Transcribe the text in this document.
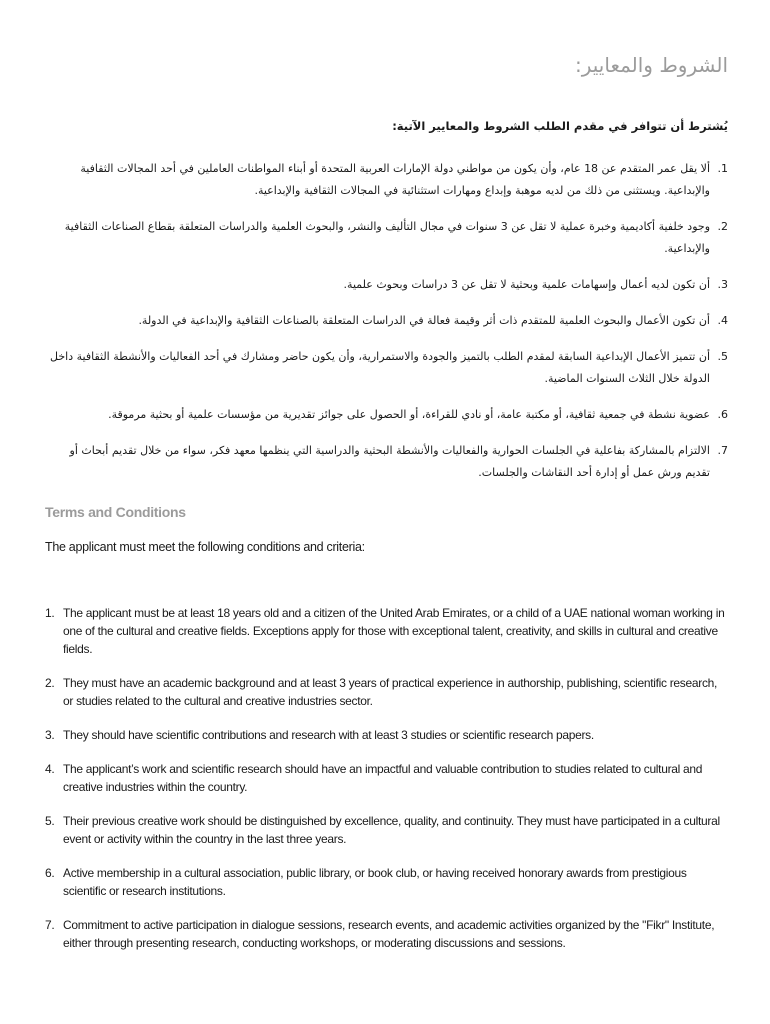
الشروط والمعايير:

يُشترط أن تتوافر في مقدم الطلب الشروط والمعايير الآتية:

1.
ألا يقل عمر المتقدم عن 18 عام، وأن يكون من مواطني دولة الإمارات العربية المتحدة أو أبناء المواطنات العاملين في أحد المجالات الثقافية والإبداعية. ويستثنى من ذلك من لديه موهبة وإبداع ومهارات استثنائية في المجالات الثقافية والإبداعية.
2.
وجود خلفية أكاديمية وخبرة عملية لا تقل عن 3 سنوات في مجال التأليف والنشر، والبحوث العلمية والدراسات المتعلقة بقطاع الصناعات الثقافية والإبداعية.
3.
أن تكون لديه أعمال وإسهامات علمية وبحثية لا تقل عن 3 دراسات وبحوث علمية.
4.
أن تكون الأعمال والبحوث العلمية للمتقدم ذات أثر وقيمة فعالة في الدراسات المتعلقة بالصناعات الثقافية والإبداعية في الدولة.
5.
أن تتميز الأعمال الإبداعية السابقة لمقدم الطلب بالتميز والجودة والاستمرارية، وأن يكون حاضر ومشارك في أحد الفعاليات والأنشطة الثقافية داخل الدولة خلال الثلاث السنوات الماضية.
6.
عضوية نشطة في جمعية ثقافية، أو مكتبة عامة، أو نادي للقراءة، أو الحصول على جوائز تقديرية من مؤسسات علمية أو بحثية مرموقة.
7.
الالتزام بالمشاركة بفاعلية في الجلسات الحوارية والفعاليات والأنشطة البحثية والدراسية التي ينظمها معهد فكر، سواء من خلال تقديم أبحاث أو تقديم ورش عمل أو إدارة أحد النقاشات والجلسات.
Terms and Conditions

The applicant must meet the following conditions and criteria:

1. The applicant must be at least 18 years old and a citizen of the United Arab Emirates, or a child of a UAE national woman working in one of the cultural and creative fields. Exceptions apply for those with exceptional talent, creativity, and skills in cultural and creative fields.
2. They must have an academic background and at least 3 years of practical experience in authorship, publishing, scientific research, or studies related to the cultural and creative industries sector.
3. They should have scientific contributions and research with at least 3 studies or scientific research papers.
4. The applicant’s work and scientific research should have an impactful and valuable contribution to studies related to cultural and creative industries within the country.
5. Their previous creative work should be distinguished by excellence, quality, and continuity. They must have participated in a cultural event or activity within the country in the last three years.
6. Active membership in a cultural association, public library, or book club, or having received honorary awards from prestigious scientific or research institutions.
7. Commitment to active participation in dialogue sessions, research events, and academic activities organized by the "Fikr" Institute, either through presenting research, conducting workshops, or moderating discussions and sessions.
